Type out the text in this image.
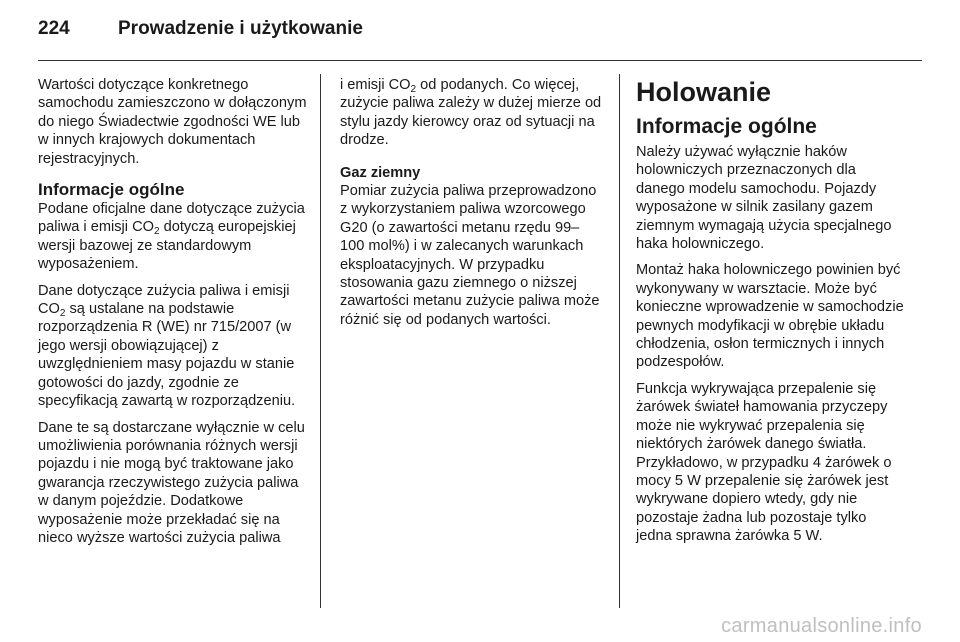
224	Prowadzenie i użytkowanie

Wartości dotyczące konkretnego samochodu zamieszczono w dołączonym do niego Świadectwie zgodności WE lub w innych krajowych dokumentach rejestracyjnych.

Informacje ogólne

Podane oficjalne dane dotyczące zużycia paliwa i emisji $CO_2$ dotyczą europejskiej wersji bazowej ze standardowym wyposażeniem.

Dane dotyczące zużycia paliwa i emisji $CO_2$ są ustalane na podstawie rozporządzenia R (WE) nr 715/2007 (w jego wersji obowiązującej) z uwzględnieniem masy pojazdu w stanie gotowości do jazdy, zgodnie ze specyfikacją zawartą w rozporządzeniu.

Dane te są dostarczane wyłącznie w celu umożliwienia porównania różnych wersji pojazdu i nie mogą być traktowane jako gwarancja rzeczywistego zużycia paliwa w danym pojeździe. Dodatkowe wyposażenie może przekładać się na nieco wyższe wartości zużycia paliwa

i emisji $CO_2$ od podanych. Co więcej, zużycie paliwa zależy w dużej mierze od stylu jazdy kierowcy oraz od sytuacji na drodze.

Gaz ziemny

Pomiar zużycia paliwa przeprowadzono z wykorzystaniem paliwa wzorcowego G20 (o zawartości metanu rzędu 99–100 mol%) i w zalecanych warunkach eksploatacyjnych. W przypadku stosowania gazu ziemnego o niższej zawartości metanu zużycie paliwa może różnić się od podanych wartości.

Holowanie
Informacje ogólne

Należy używać wyłącznie haków holowniczych przeznaczonych dla danego modelu samochodu. Pojazdy wyposażone w silnik zasilany gazem ziemnym wymagają użycia specjalnego haka holowniczego.

Montaż haka holowniczego powinien być wykonywany w warsztacie. Może być konieczne wprowadzenie w samochodzie pewnych modyfikacji w obrębie układu chłodzenia, osłon termicznych i innych podzespołów.

Funkcja wykrywająca przepalenie się żarówek świateł hamowania przyczepy może nie wykrywać przepalenia się niektórych żarówek danego światła. Przykładowo, w przypadku 4 żarówek o mocy 5 W przepalenie się żarówek jest wykrywane dopiero wtedy, gdy nie pozostaje żadna lub pozostaje tylko jedna sprawna żarówka 5 W.

carmanualsonline.info
